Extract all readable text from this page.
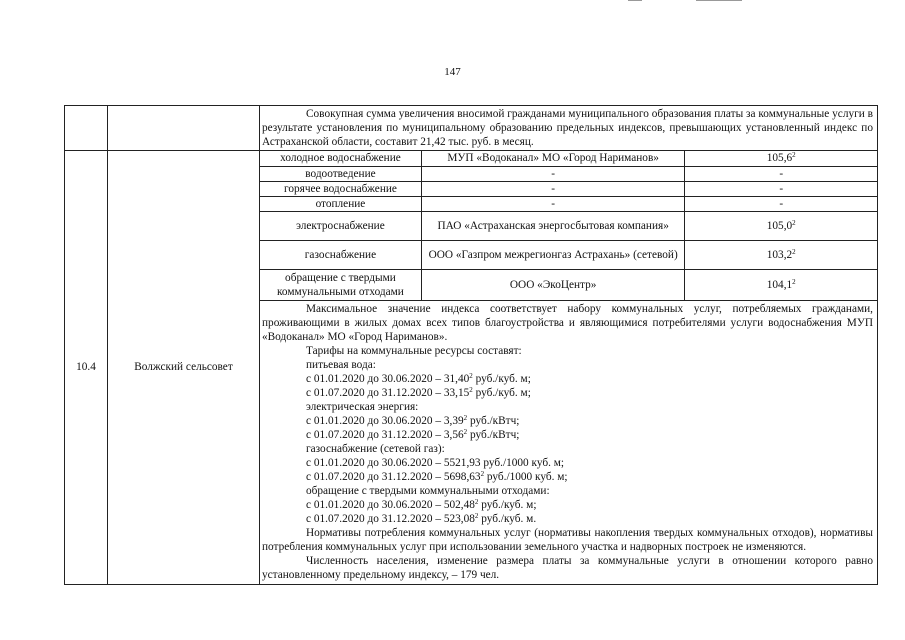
147

Совокупная сумма увеличения вносимой гражданами муниципального образования платы за коммунальные услуги в результате установления по муниципальному образованию предельных индексов, превышающих установленный индекс по Астраханской области, составит 21,42 тыс. руб. в месяц.

10.4	Волжский сельсовет	
холодное водоснабжение	МУП «Водоканал» МО «Город Нариманов»	105,6$^2$
водоотведение	-	-
горячее водоснабжение	-	-
отопление	-	-
электроснабжение	ПАО «Астраханская энергосбытовая компания»	105,0$^2$
газоснабжение	ООО «Газпром межрегионгаз Астрахань» (сетевой)	103,2$^2$
обращение с твердыми коммунальными отходами	ООО «ЭкоЦентр»	104,1$^2$

Максимальное значение индекса соответствует набору коммунальных услуг, потребляемых гражданами, проживающими в жилых домах всех типов благоустройства и являющимися потребителями услуги водоснабжения МУП «Водоканал» МО «Город Нариманов».

Тарифы на коммунальные ресурсы составят:

питьевая вода:

с 01.01.2020 до 30.06.2020 – 31,40$^2$ руб./куб. м;

с 01.07.2020 до 31.12.2020 – 33,15$^2$ руб./куб. м;

электрическая энергия:

с 01.01.2020 до 30.06.2020 – 3,39$^2$ руб./кВтч;

с 01.07.2020 до 31.12.2020 – 3,56$^2$ руб./кВтч;

газоснабжение (сетевой газ):

с 01.01.2020 до 30.06.2020 – 5521,93 руб./1000 куб. м;

с 01.07.2020 до 31.12.2020 – 5698,63$^2$ руб./1000 куб. м;

обращение с твердыми коммунальными отходами:

с 01.01.2020 до 30.06.2020 – 502,48$^2$ руб./куб. м;

с 01.07.2020 до 31.12.2020 – 523,08$^2$ руб./куб. м.

Нормативы потребления коммунальных услуг (нормативы накопления твердых коммунальных отходов), нормативы потребления коммунальных услуг при использовании земельного участка и надворных построек не изменяются.

Численность населения, изменение размера платы за коммунальные услуги в отношении которого равно установленному предельному индексу, – 179 чел.
